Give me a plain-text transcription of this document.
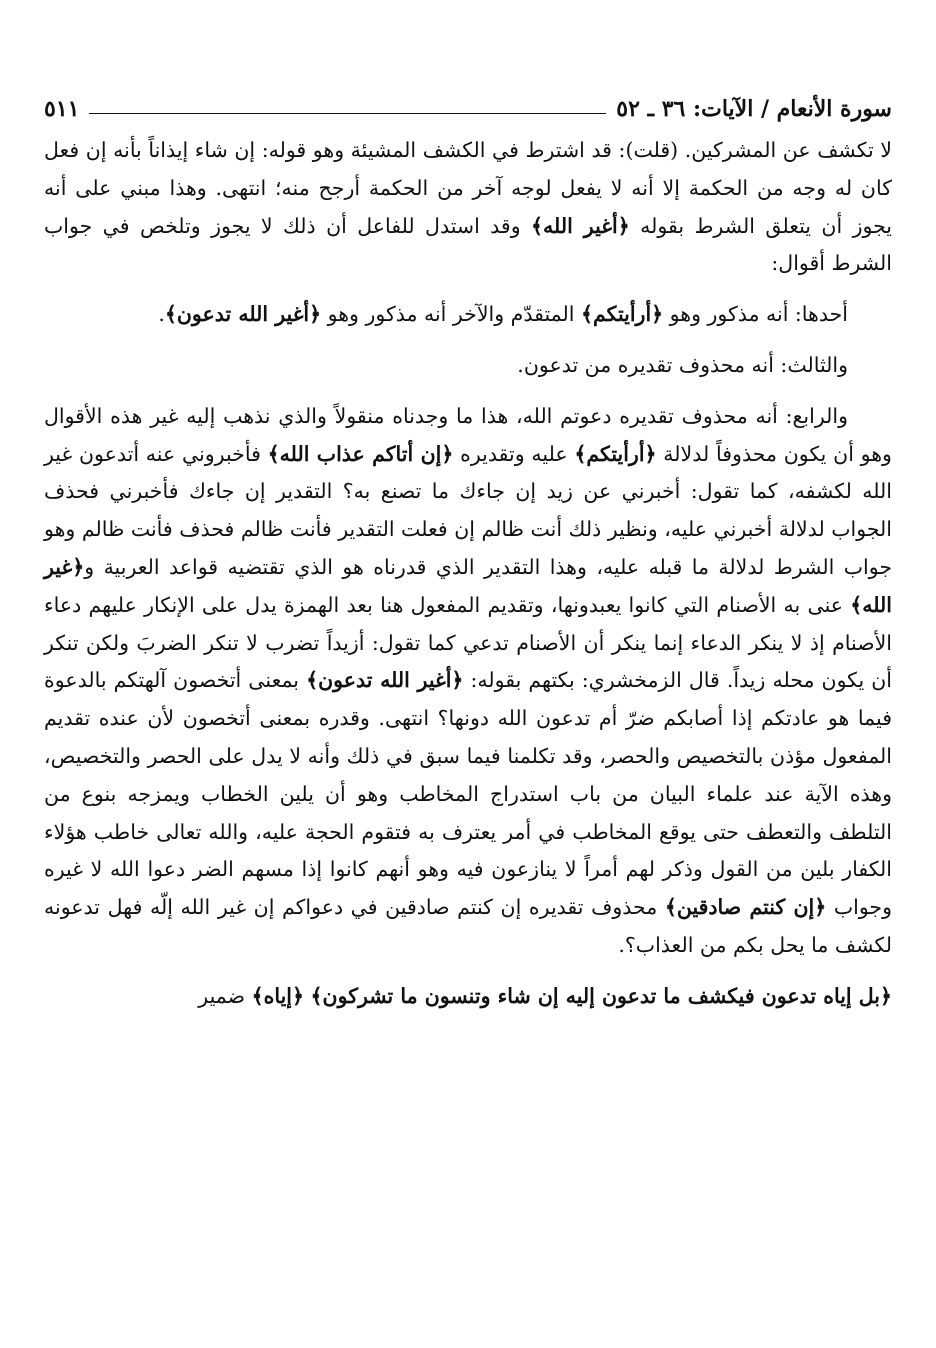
سورة الأنعام / الآيات: ٣٦ ـ ٥٢
٥١١

لا تكشف عن المشركين. (قلت): قد اشترط في الكشف المشيئة وهو قوله: إن شاء إيذاناً بأنه إن فعل كان له وجه من الحكمة إلا أنه لا يفعل لوجه آخر من الحكمة أرجح منه؛ انتهى. وهذا مبني على أنه يجوز أن يتعلق الشرط بقوله ﴿أغير الله﴾ وقد استدل للفاعل أن ذلك لا يجوز وتلخص في جواب الشرط أقوال:

أحدها: أنه مذكور وهو ﴿أرأيتكم﴾ المتقدّم والآخر أنه مذكور وهو ﴿أغير الله تدعون﴾.

والثالث: أنه محذوف تقديره من تدعون.

والرابع: أنه محذوف تقديره دعوتم الله، هذا ما وجدناه منقولاً والذي نذهب إليه غير هذه الأقوال وهو أن يكون محذوفاً لدلالة ﴿أرأيتكم﴾ عليه وتقديره ﴿إن أتاكم عذاب الله﴾ فأخبروني عنه أتدعون غير الله لكشفه، كما تقول: أخبرني عن زيد إن جاءك ما تصنع به؟ التقدير إن جاءك فأخبرني فحذف الجواب لدلالة أخبرني عليه، ونظير ذلك أنت ظالم إن فعلت التقدير فأنت ظالم فحذف فأنت ظالم وهو جواب الشرط لدلالة ما قبله عليه، وهذا التقدير الذي قدرناه هو الذي تقتضيه قواعد العربية و﴿غير الله﴾ عنى به الأصنام التي كانوا يعبدونها، وتقديم المفعول هنا بعد الهمزة يدل على الإنكار عليهم دعاء الأصنام إذ لا ينكر الدعاء إنما ينكر أن الأصنام تدعي كما تقول: أزيداً تضرب لا تنكر الضربَ ولكن تنكر أن يكون محله زيداً. قال الزمخشري: بكتهم بقوله: ﴿أغير الله تدعون﴾ بمعنى أتخصون آلهتكم بالدعوة فيما هو عادتكم إذا أصابكم ضرّ أم تدعون الله دونها؟ انتهى. وقدره بمعنى أتخصون لأن عنده تقديم المفعول مؤذن بالتخصيص والحصر، وقد تكلمنا فيما سبق في ذلك وأنه لا يدل على الحصر والتخصيص، وهذه الآية عند علماء البيان من باب استدراج المخاطب وهو أن يلين الخطاب ويمزجه بنوع من التلطف والتعطف حتى يوقع المخاطب في أمر يعترف به فتقوم الحجة عليه، والله تعالى خاطب هؤلاء الكفار بلين من القول وذكر لهم أمراً لا ينازعون فيه وهو أنهم كانوا إذا مسهم الضر دعوا الله لا غيره وجواب ﴿إن كنتم صادقين﴾ محذوف تقديره إن كنتم صادقين في دعواكم إن غير الله إلّه فهل تدعونه لكشف ما يحل بكم من العذاب؟.

﴿بل إياه تدعون فيكشف ما تدعون إليه إن شاء وتنسون ما تشركون﴾ ﴿إياه﴾ ضمير
